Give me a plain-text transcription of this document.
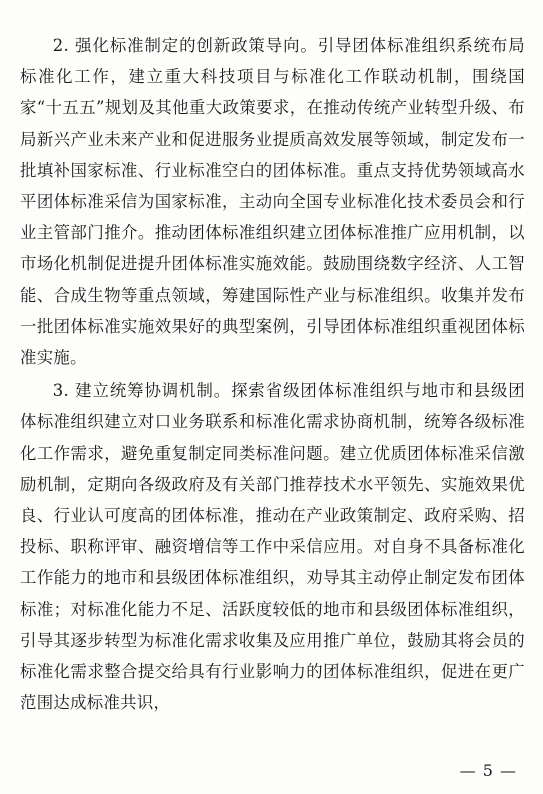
2. 强化标准制定的创新政策导向。引导团体标准组织系统布局标准化工作，建立重大科技项目与标准化工作联动机制，围绕国家“十五五”规划及其他重大政策要求，在推动传统产业转型升级、布局新兴产业未来产业和促进服务业提质高效发展等领域，制定发布一批填补国家标准、行业标准空白的团体标准。重点支持优势领域高水平团体标准采信为国家标准，主动向全国专业标准化技术委员会和行业主管部门推介。推动团体标准组织建立团体标准推广应用机制，以市场化机制促进提升团体标准实施效能。鼓励围绕数字经济、人工智能、合成生物等重点领域，筹建国际性产业与标准组织。收集并发布一批团体标准实施效果好的典型案例，引导团体标准组织重视团体标准实施。

3. 建立统筹协调机制。探索省级团体标准组织与地市和县级团体标准组织建立对口业务联系和标准化需求协商机制，统筹各级标准化工作需求，避免重复制定同类标准问题。建立优质团体标准采信激励机制，定期向各级政府及有关部门推荐技术水平领先、实施效果优良、行业认可度高的团体标准，推动在产业政策制定、政府采购、招投标、职称评审、融资增信等工作中采信应用。对自身不具备标准化工作能力的地市和县级团体标准组织，劝导其主动停止制定发布团体标准；对标准化能力不足、活跃度较低的地市和县级团体标准组织，引导其逐步转型为标准化需求收集及应用推广单位，鼓励其将会员的标准化需求整合提交给具有行业影响力的团体标准组织，促进在更广范围达成标准共识，

— 5 —
